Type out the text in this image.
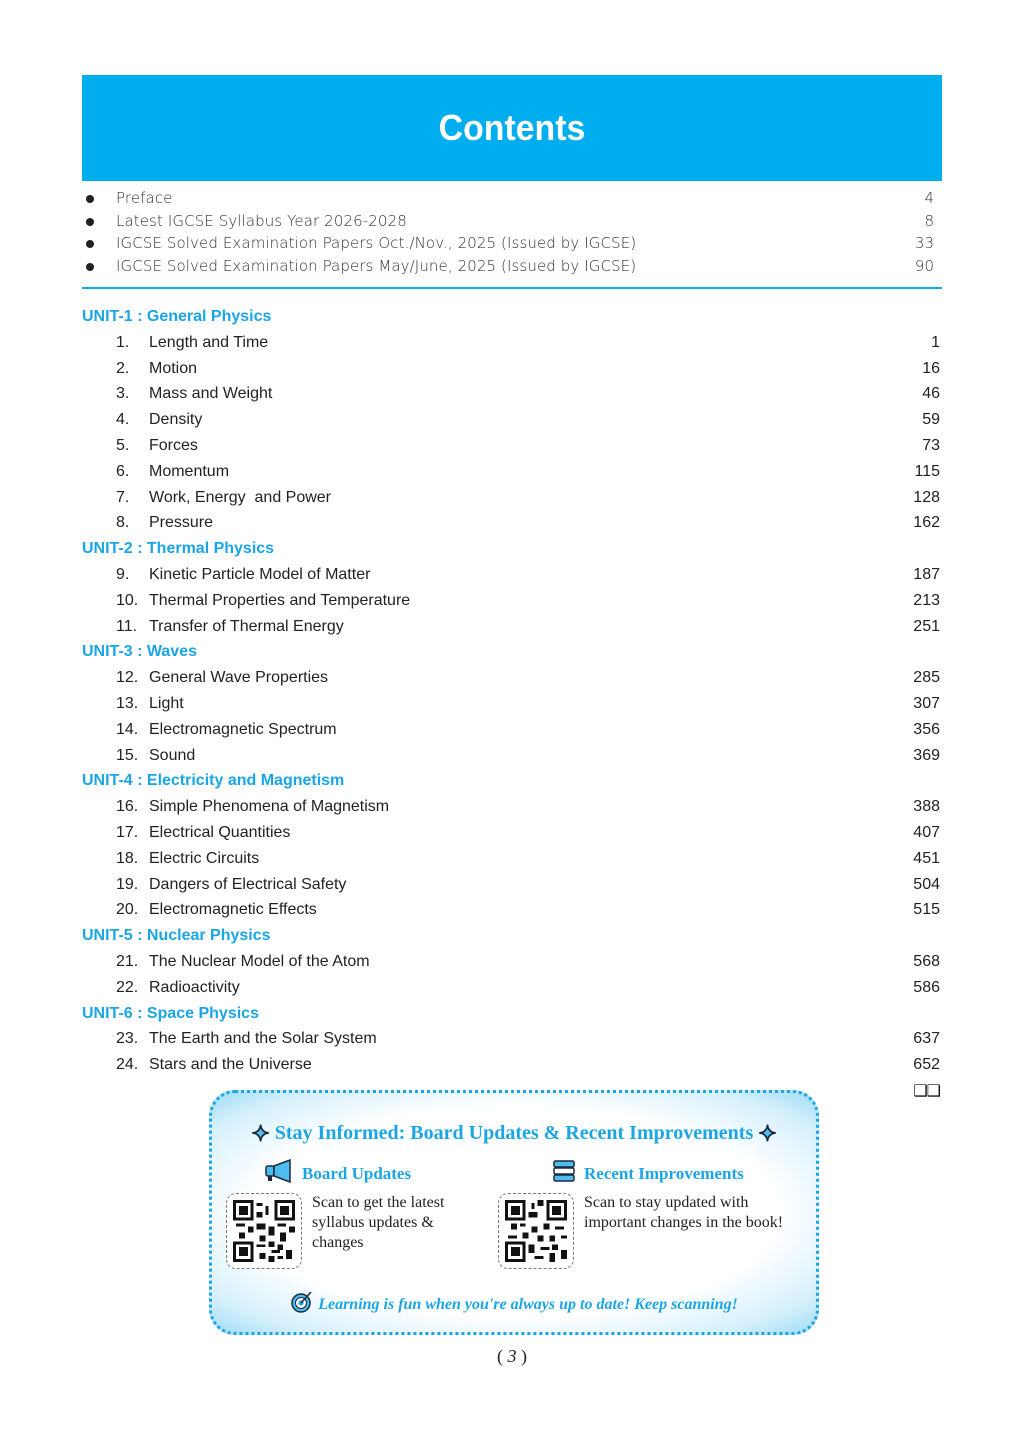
Contents
Preface	4
Latest IGCSE Syllabus Year 2026-2028	8
IGCSE Solved Examination Papers Oct./Nov., 2025 (Issued by IGCSE)	33
IGCSE Solved Examination Papers May/June, 2025 (Issued by IGCSE)	90
UNIT-1 : General Physics
1. Length and Time	1
2. Motion	16
3. Mass and Weight	46
4. Density	59
5. Forces	73
6. Momentum	115
7. Work, Energy  and Power	128
8. Pressure	162
UNIT-2 : Thermal Physics
9. Kinetic Particle Model of Matter	187
10. Thermal Properties and Temperature	213
11. Transfer of Thermal Energy	251
UNIT-3 : Waves
12. General Wave Properties	285
13. Light	307
14. Electromagnetic Spectrum	356
15. Sound	369
UNIT-4 : Electricity and Magnetism
16. Simple Phenomena of Magnetism	388
17. Electrical Quantities	407
18. Electric Circuits	451
19. Dangers of Electrical Safety	504
20. Electromagnetic Effects	515
UNIT-5 : Nuclear Physics
21. The Nuclear Model of the Atom	568
22. Radioactivity	586
UNIT-6 : Space Physics
23. The Earth and the Solar System	637
24. Stars and the Universe	652
❑❑
✦ Stay Informed: Board Updates & Recent Improvements ✦
Board Updates	Recent Improvements
Scan to get the latest syllabus updates & changes
Scan to stay updated with important changes in the book!
Learning is fun when you're always up to date! Keep scanning!
( 3 )
